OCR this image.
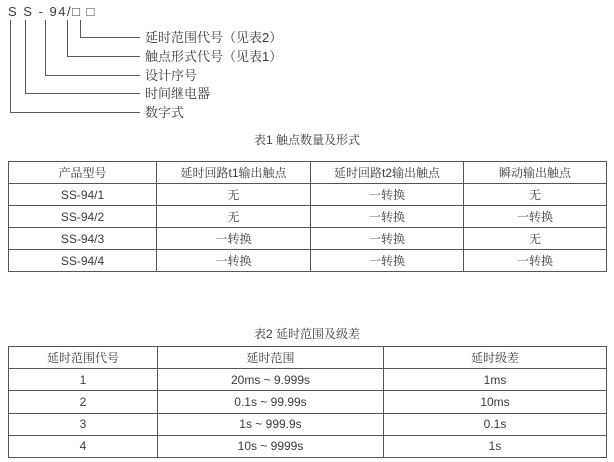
S S - 94/□ □
延时范围代号（见表2）
触点形式代号（见表1）
设计序号
时间继电器
数字式
表1 触点数量及形式
产品型号	延时回路t1输出触点	延时回路t2输出触点	瞬动输出触点
SS-94/1	无	一转换	无
SS-94/2	无	一转换	一转换
SS-94/3	一转换	一转换	无
SS-94/4	一转换	一转换	一转换
表2 延时范围及级差
延时范围代号	延时范围	延时级差
1	20ms ~ 9.999s	1ms
2	0.1s ~ 99.99s	10ms
3	1s ~ 999.9s	0.1s
4	10s ~ 9999s	1s
